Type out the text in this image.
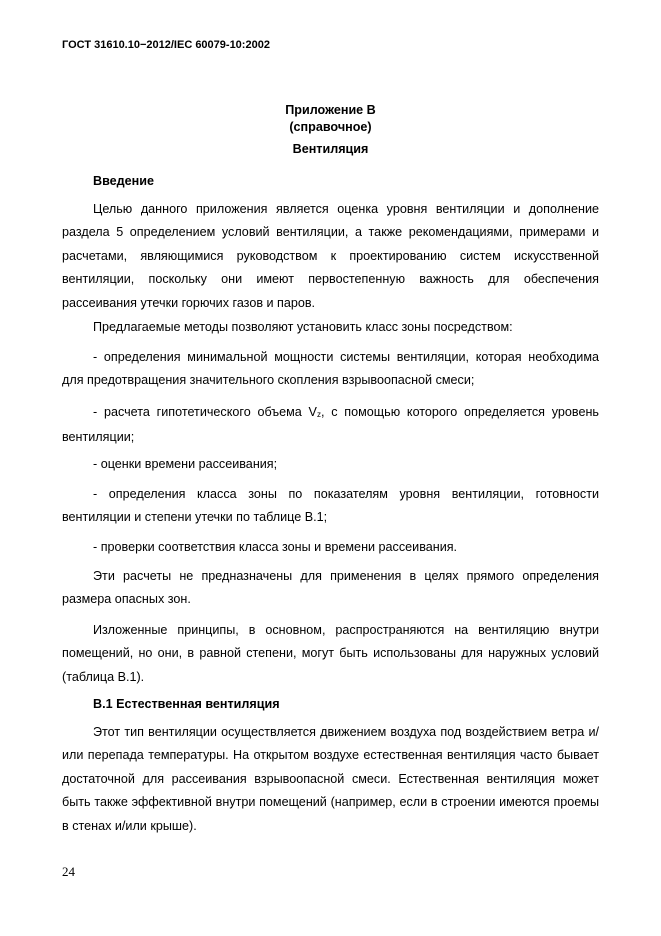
ГОСТ 31610.10−2012/IEC 60079-10:2002
Приложение В
(справочное)
Вентиляция
Введение

Целью данного приложения является оценка уровня вентиляции и дополнение раздела 5 определением условий вентиляции, а также рекомендациями, примерами и расчетами, являющимися руководством к проектированию систем искусственной вентиляции, поскольку они имеют первостепенную важность для обеспечения рассеивания утечки горючих газов и паров.

Предлагаемые методы позволяют установить класс зоны посредством:

- определения минимальной мощности системы вентиляции, которая необходима для предотвращения значительного скопления взрывоопасной смеси;

- расчета гипотетического объема $V_z$, с помощью которого определяется уровень вентиляции;

- оценки времени рассеивания;

- определения класса зоны по показателям уровня вентиляции, готовности вентиляции и степени утечки по таблице В.1;

- проверки соответствия класса зоны и времени рассеивания.

Эти расчеты не предназначены для применения в целях прямого определения размера опасных зон.

Изложенные принципы, в основном, распространяются на вентиляцию внутри помещений, но они, в равной степени, могут быть использованы для наружных условий (таблица В.1).

В.1 Естественная вентиляция

Этот тип вентиляции осуществляется движением воздуха под воздействием ветра и/или перепада температуры. На открытом воздухе естественная вентиляция часто бывает достаточной для рассеивания взрывоопасной смеси. Естественная вентиляция может быть также эффективной внутри помещений (например, если в строении имеются проемы в стенах и/или крыше).

24
